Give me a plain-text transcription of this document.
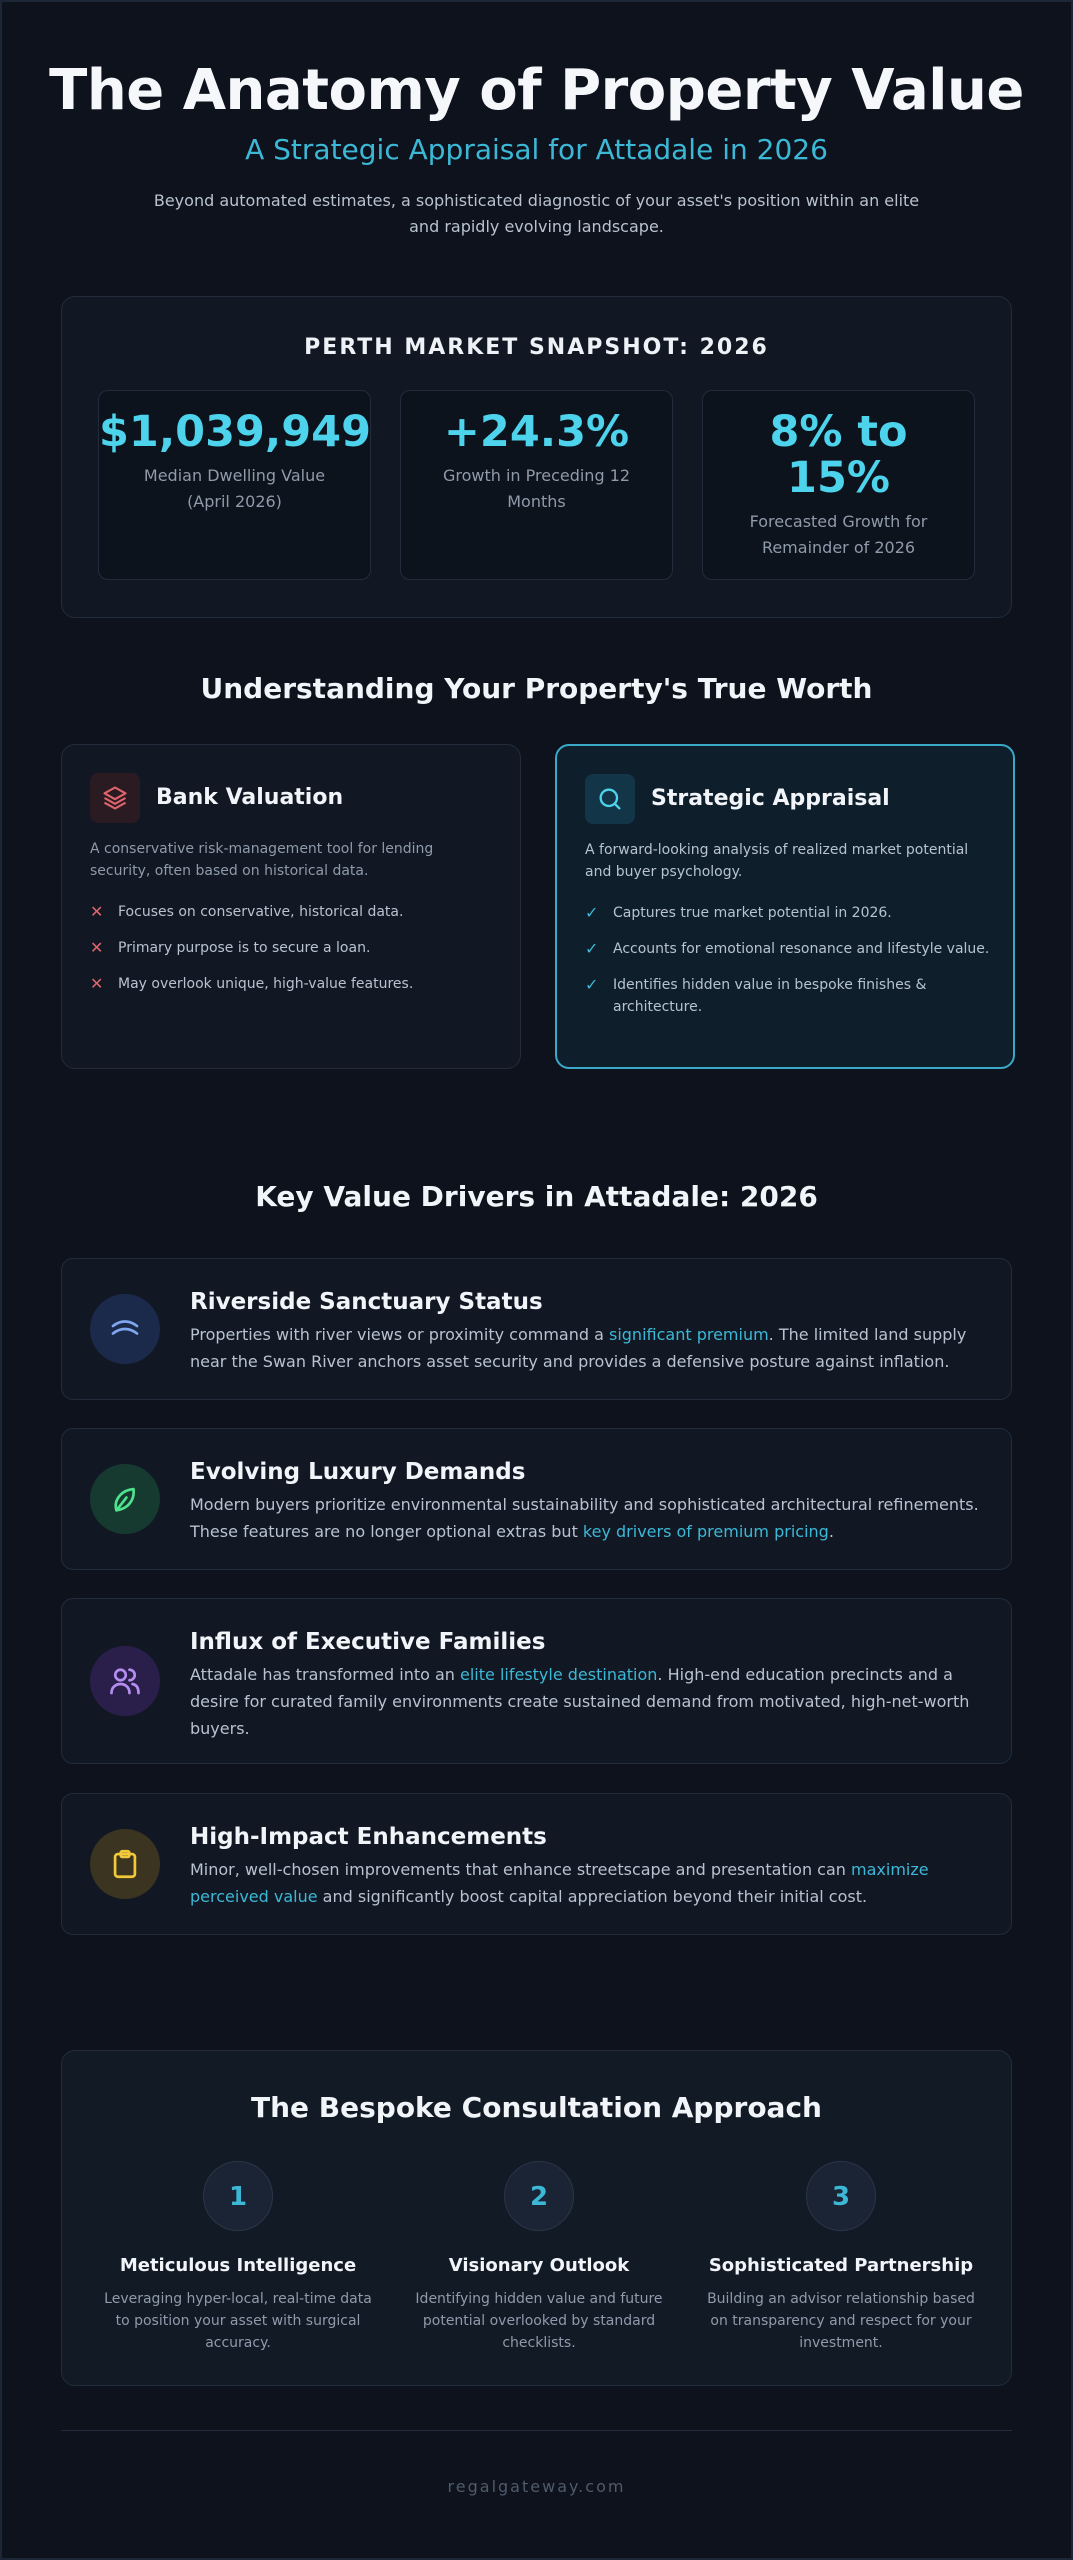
The Anatomy of Property Value
A Strategic Appraisal for Attadale in 2026
Beyond automated estimates, a sophisticated diagnostic of your asset's position within an elite and rapidly evolving landscape.
PERTH MARKET SNAPSHOT: 2026
$1,039,949
Median Dwelling Value (April 2026)
+24.3%
Growth in Preceding 12 Months
8% to 15%
Forecasted Growth for Remainder of 2026
Understanding Your Property's True Worth
Bank Valuation
A conservative risk-management tool for lending security, often based on historical data.
✕ Focuses on conservative, historical data.
✕ Primary purpose is to secure a loan.
✕ May overlook unique, high-value features.
Strategic Appraisal
A forward-looking analysis of realized market potential and buyer psychology.
✓ Captures true market potential in 2026.
✓ Accounts for emotional resonance and lifestyle value.
✓ Identifies hidden value in bespoke finishes & architecture.
Key Value Drivers in Attadale: 2026
Riverside Sanctuary Status
Properties with river views or proximity command a significant premium. The limited land supply near the Swan River anchors asset security and provides a defensive posture against inflation.
Evolving Luxury Demands
Modern buyers prioritize environmental sustainability and sophisticated architectural refinements. These features are no longer optional extras but key drivers of premium pricing.
Influx of Executive Families
Attadale has transformed into an elite lifestyle destination. High-end education precincts and a desire for curated family environments create sustained demand from motivated, high-net-worth buyers.
High-Impact Enhancements
Minor, well-chosen improvements that enhance streetscape and presentation can maximize perceived value and significantly boost capital appreciation beyond their initial cost.
The Bespoke Consultation Approach
1
Meticulous Intelligence
Leveraging hyper-local, real-time data to position your asset with surgical accuracy.
2
Visionary Outlook
Identifying hidden value and future potential overlooked by standard checklists.
3
Sophisticated Partnership
Building an advisor relationship based on transparency and respect for your investment.
regalgateway.com
